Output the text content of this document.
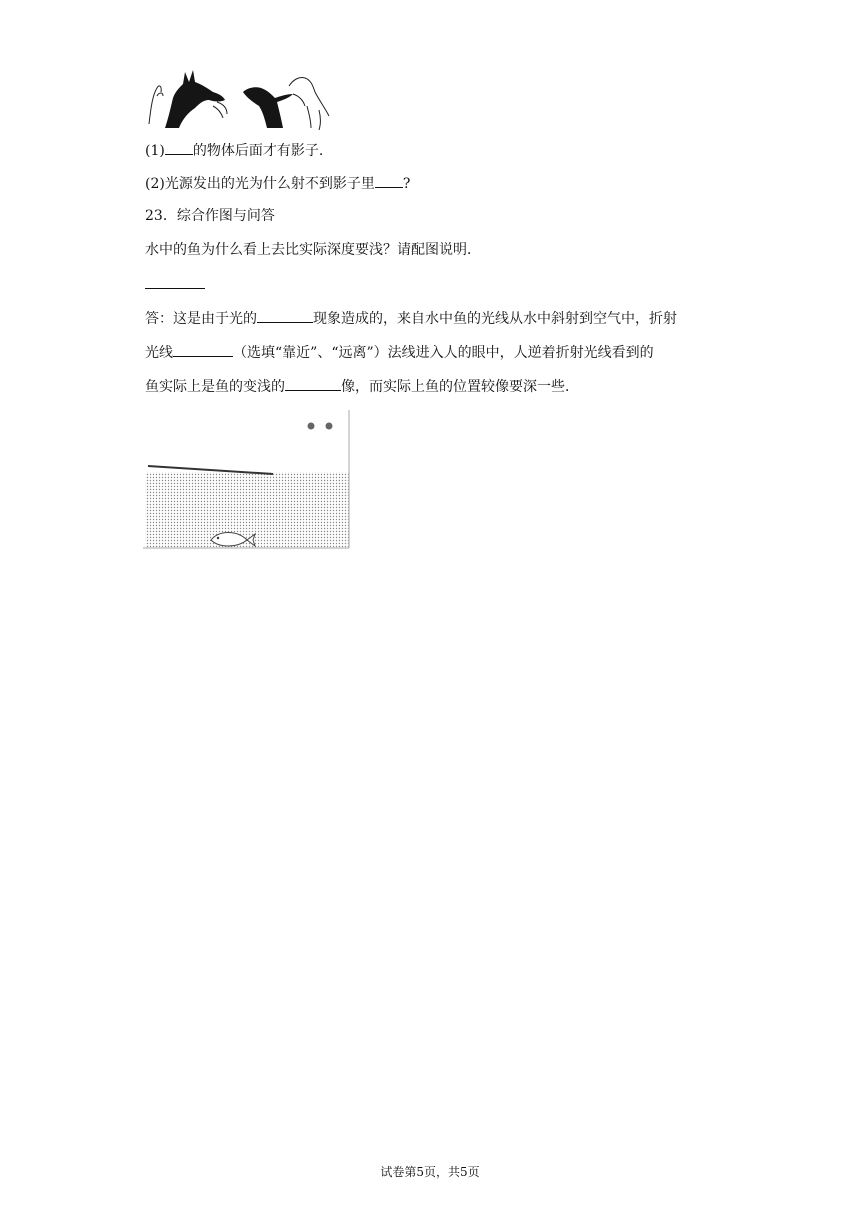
(1) 的物体后面才有影子.
(2)光源发出的光为什么射不到影子里 ?
23．综合作图与问答
水中的鱼为什么看上去比实际深度要浅？请配图说明．
答：这是由于光的	现象造成的，来自水中鱼的光线从水中斜射到空气中，折射
光线	（选填“靠近”、“远离”）法线进入人的眼中，人逆着折射光线看到的
鱼实际上是鱼的变浅的	像，而实际上鱼的位置较像要深一些．
试卷第5页，共5页
